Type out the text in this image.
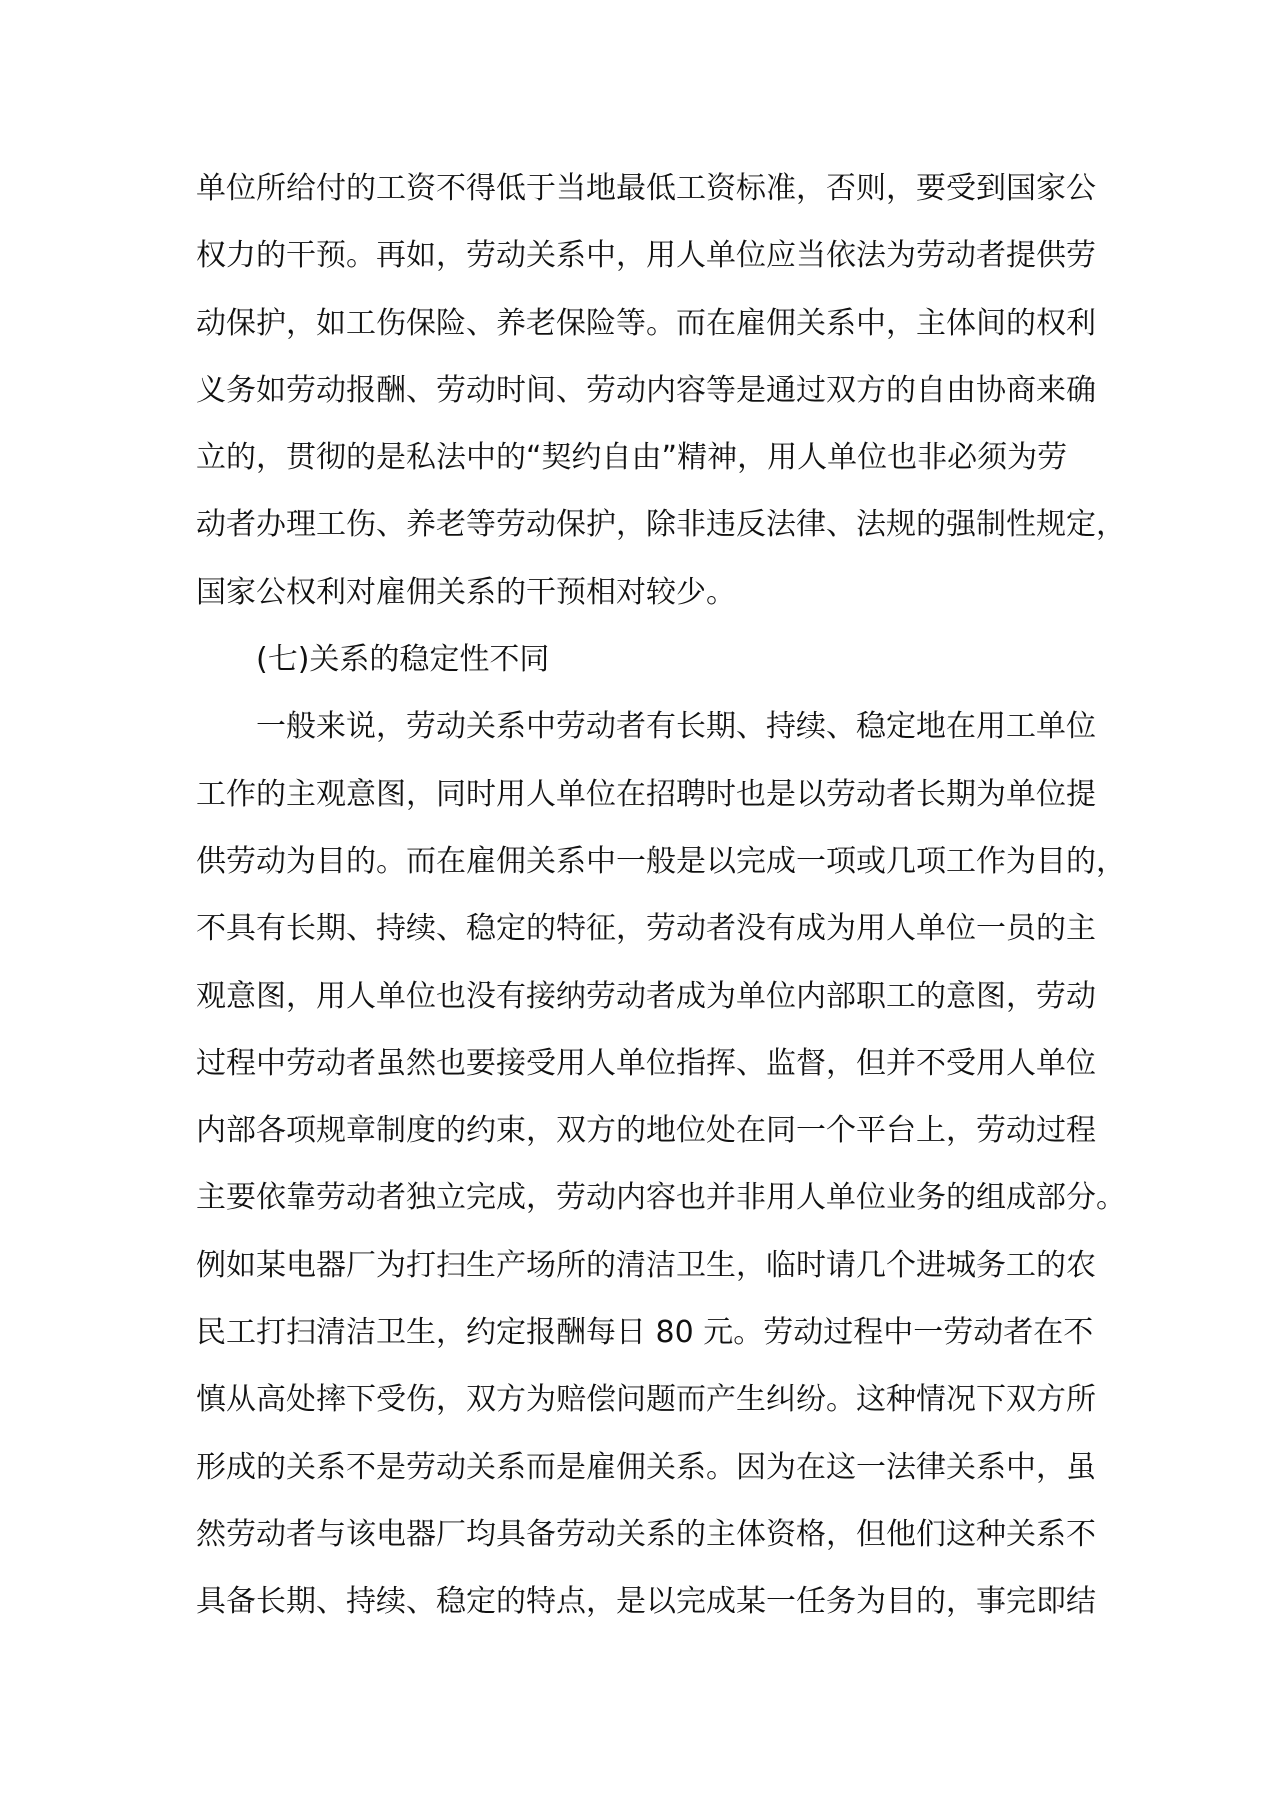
单位所给付的工资不得低于当地最低工资标准，否则，要受到国家公
权力的干预。再如，劳动关系中，用人单位应当依法为劳动者提供劳
动保护，如工伤保险、养老保险等。而在雇佣关系中，主体间的权利
义务如劳动报酬、劳动时间、劳动内容等是通过双方的自由协商来确
立的，贯彻的是私法中的“契约自由”精神，用人单位也非必须为劳
动者办理工伤、养老等劳动保护，除非违反法律、法规的强制性规定，
国家公权利对雇佣关系的干预相对较少。
(七)关系的稳定性不同
一般来说，劳动关系中劳动者有长期、持续、稳定地在用工单位
工作的主观意图，同时用人单位在招聘时也是以劳动者长期为单位提
供劳动为目的。而在雇佣关系中一般是以完成一项或几项工作为目的，
不具有长期、持续、稳定的特征，劳动者没有成为用人单位一员的主
观意图，用人单位也没有接纳劳动者成为单位内部职工的意图，劳动
过程中劳动者虽然也要接受用人单位指挥、监督，但并不受用人单位
内部各项规章制度的约束，双方的地位处在同一个平台上，劳动过程
主要依靠劳动者独立完成，劳动内容也并非用人单位业务的组成部分。
例如某电器厂为打扫生产场所的清洁卫生，临时请几个进城务工的农
民工打扫清洁卫生，约定报酬每日 80 元。劳动过程中一劳动者在不
慎从高处摔下受伤，双方为赔偿问题而产生纠纷。这种情况下双方所
形成的关系不是劳动关系而是雇佣关系。因为在这一法律关系中，虽
然劳动者与该电器厂均具备劳动关系的主体资格，但他们这种关系不
具备长期、持续、稳定的特点，是以完成某一任务为目的，事完即结
